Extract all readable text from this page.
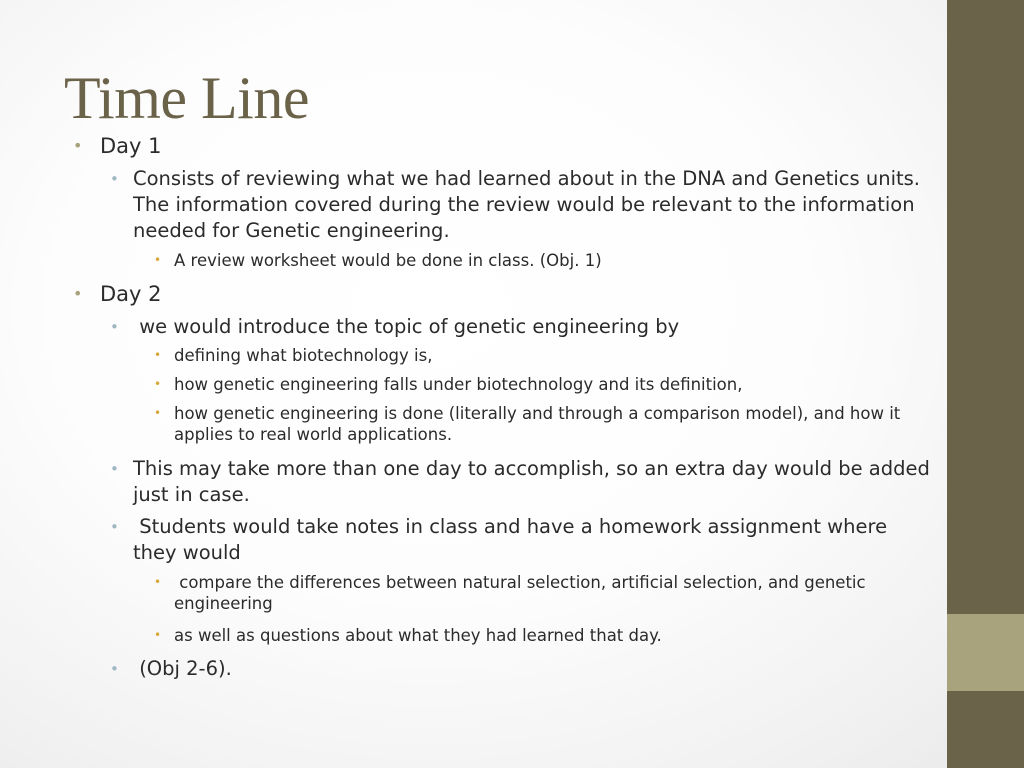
Time Line
• Day 1
• Consists of reviewing what we had learned about in the DNA and Genetics units. The information covered during the review would be relevant to the information needed for Genetic engineering.
• A review worksheet would be done in class. (Obj. 1)
• Day 2
• we would introduce the topic of genetic engineering by
• defining what biotechnology is,
• how genetic engineering falls under biotechnology and its definition,
• how genetic engineering is done (literally and through a comparison model), and how it applies to real world applications.
• This may take more than one day to accomplish, so an extra day would be added just in case.
• Students would take notes in class and have a homework assignment where they would
• compare the differences between natural selection, artificial selection, and genetic engineering
• as well as questions about what they had learned that day.
• (Obj 2-6).
